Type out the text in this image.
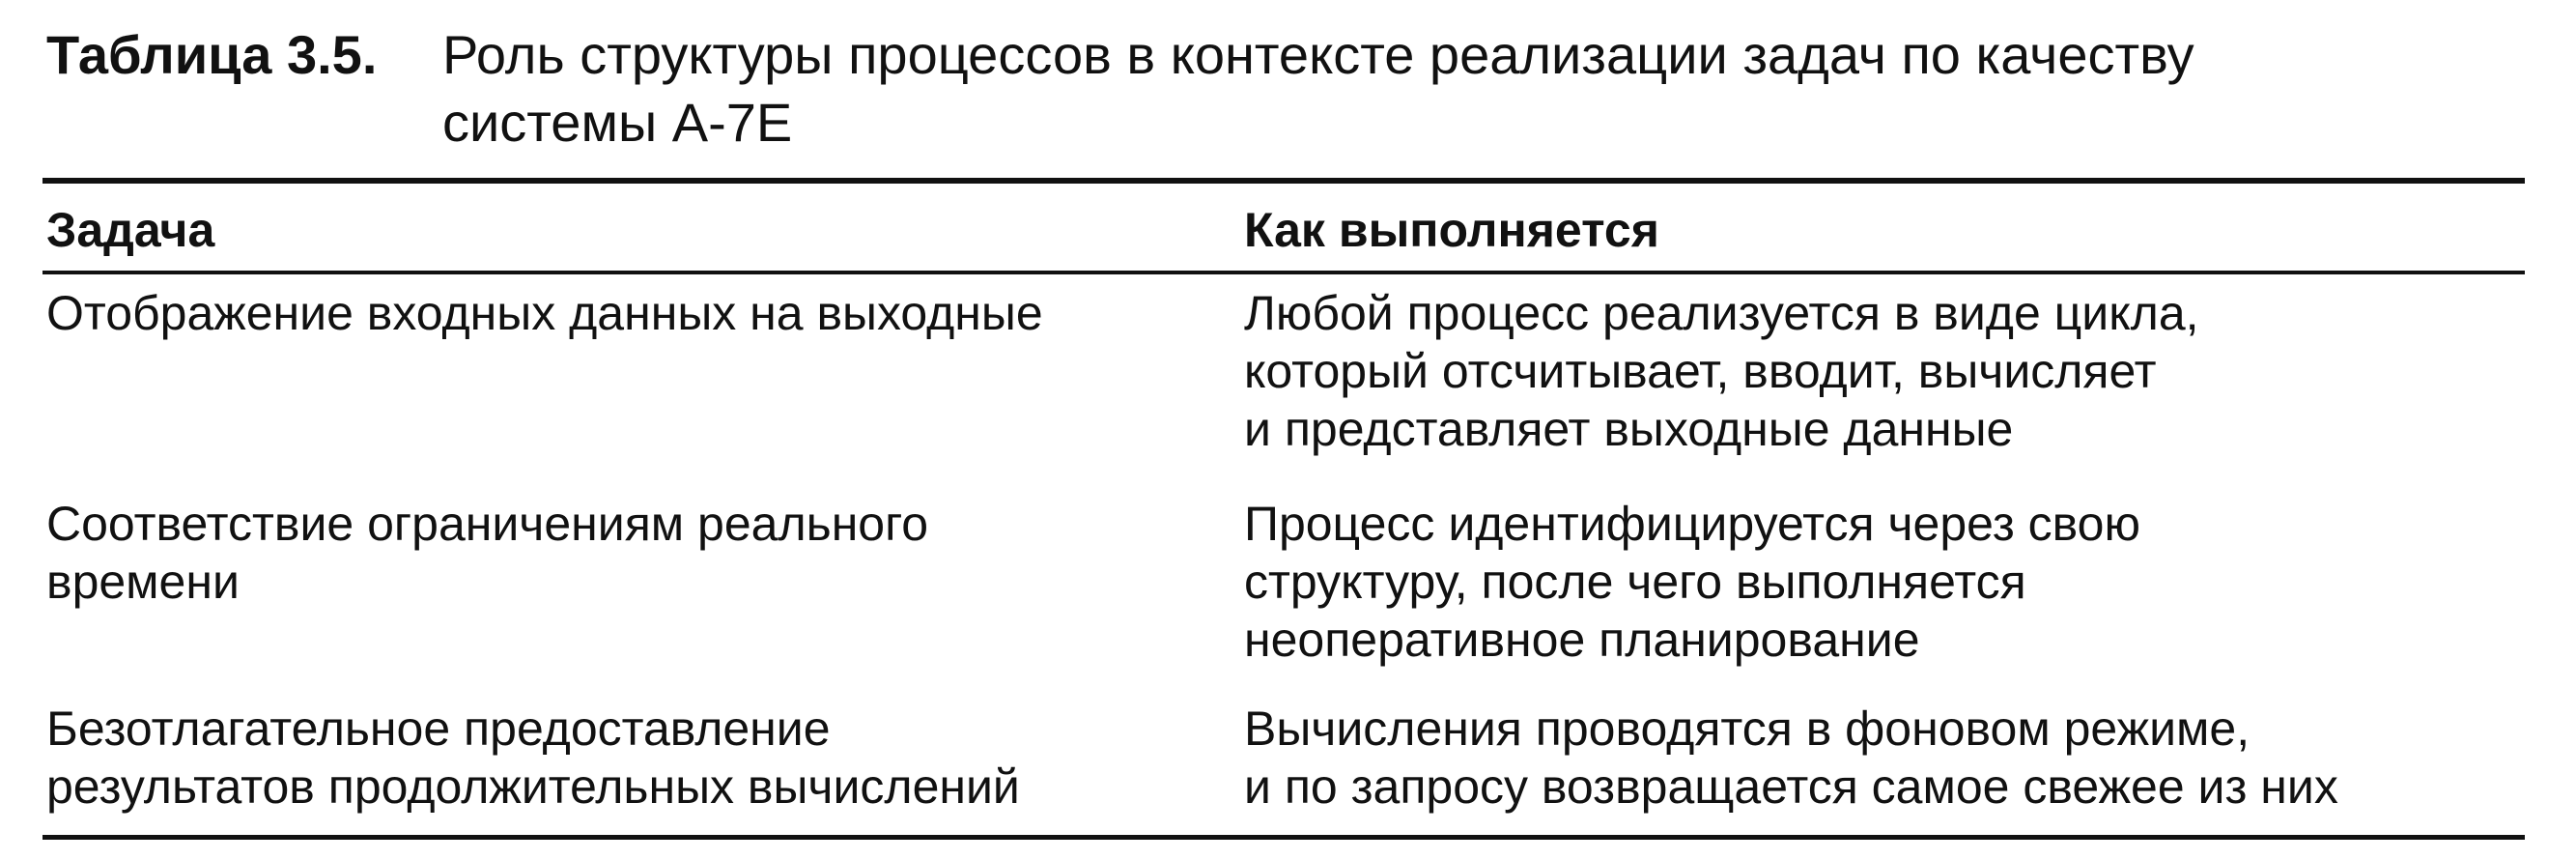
Таблица 3.5. Роль структуры процессов в контексте реализации задач по качеству
системы А-7Е
Задача	Как выполняется
Отображение входных данных на выходные	Любой процесс реализуется в виде цикла,
который отсчитывает, вводит, вычисляет
и представляет выходные данные
Соответствие ограничениям реального
времени
Процесс идентифицируется через свою
структуру, после чего выполняется
неоперативное планирование
Безотлагательное предоставление
результатов продолжительных вычислений
Вычисления проводятся в фоновом режиме,
и по запросу возвращается самое свежее из них
